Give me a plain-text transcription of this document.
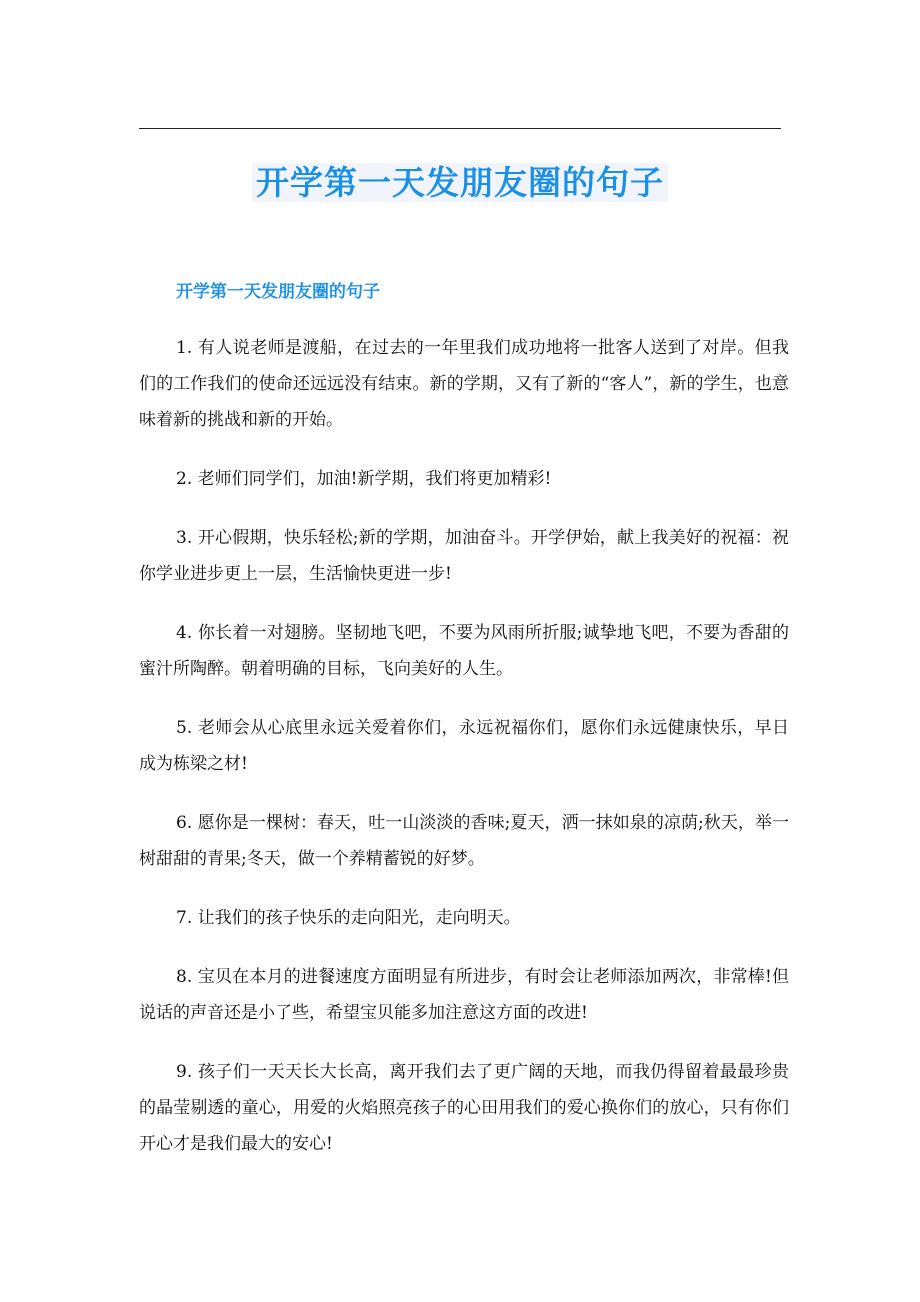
开学第一天发朋友圈的句子
开学第一天发朋友圈的句子

1. 有人说老师是渡船，在过去的一年里我们成功地将一批客人送到了对岸。但我们的工作我们的使命还远远没有结束。新的学期，又有了新的“客人”，新的学生，也意味着新的挑战和新的开始。

2. 老师们同学们，加油!新学期，我们将更加精彩!

3. 开心假期，快乐轻松;新的学期，加油奋斗。开学伊始，献上我美好的祝福：祝你学业进步更上一层，生活愉快更进一步!

4. 你长着一对翅膀。坚韧地飞吧，不要为风雨所折服;诚挚地飞吧，不要为香甜的蜜汁所陶醉。朝着明确的目标，飞向美好的人生。

5. 老师会从心底里永远关爱着你们，永远祝福你们，愿你们永远健康快乐，早日成为栋梁之材!

6. 愿你是一棵树：春天，吐一山淡淡的香味;夏天，洒一抹如泉的凉荫;秋天，举一树甜甜的青果;冬天，做一个养精蓄锐的好梦。

7. 让我们的孩子快乐的走向阳光，走向明天。

8. 宝贝在本月的进餐速度方面明显有所进步，有时会让老师添加两次，非常棒!但说话的声音还是小了些，希望宝贝能多加注意这方面的改进!

9. 孩子们一天天长大长高，离开我们去了更广阔的天地，而我仍得留着最最珍贵的晶莹剔透的童心，用爱的火焰照亮孩子的心田用我们的爱心换你们的放心，只有你们开心才是我们最大的安心!
